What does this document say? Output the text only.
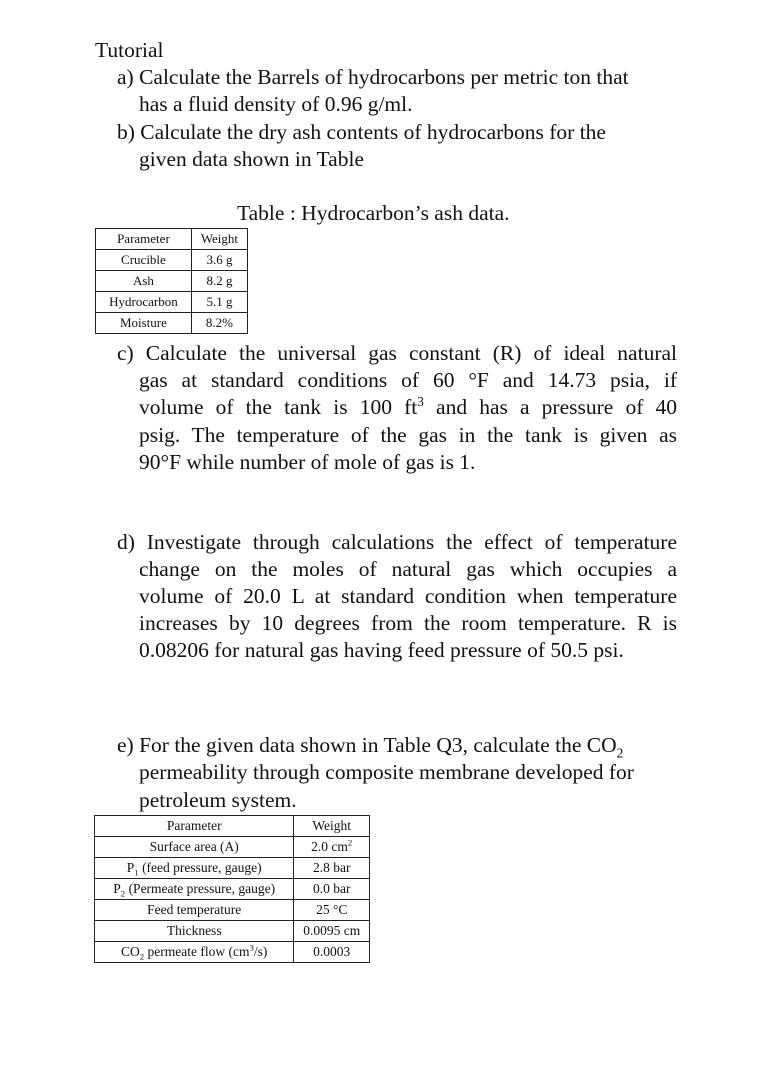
Tutorial
a) Calculate the Barrels of hydrocarbons per metric ton that
has a fluid density of 0.96 g/ml.
b) Calculate the dry ash contents of hydrocarbons for the
given data shown in Table
Table : Hydrocarbon’s ash data.
Parameter	Weight
Crucible	3.6 g
Ash	8.2 g
Hydrocarbon	5.1 g
Moisture	8.2%
c) Calculate the universal gas constant (R) of ideal natural
gas at standard conditions of 60 °F and 14.73 psia, if
volume of the tank is 100 $ft^3$ and has a pressure of 40
psig. The temperature of the gas in the tank is given as
90°F while number of mole of gas is 1.
d) Investigate through calculations the effect of temperature
change on the moles of natural gas which occupies a
volume of 20.0 L at standard condition when temperature
increases by 10 degrees from the room temperature. R is
0.08206 for natural gas having feed pressure of 50.5 psi.
e) For the given data shown in Table Q3, calculate the $CO_2$
permeability through composite membrane developed for
petroleum system.
Parameter	Weight
Surface area (A)	2.0 $cm^2$
$P_1$ (feed pressure, gauge)	2.8 bar
$P_2$ (Permeate pressure, gauge)	0.0 bar
Feed temperature	25 °C
Thickness	0.0095 cm
$CO_2$ permeate flow $(cm^3/s)$	0.0003
